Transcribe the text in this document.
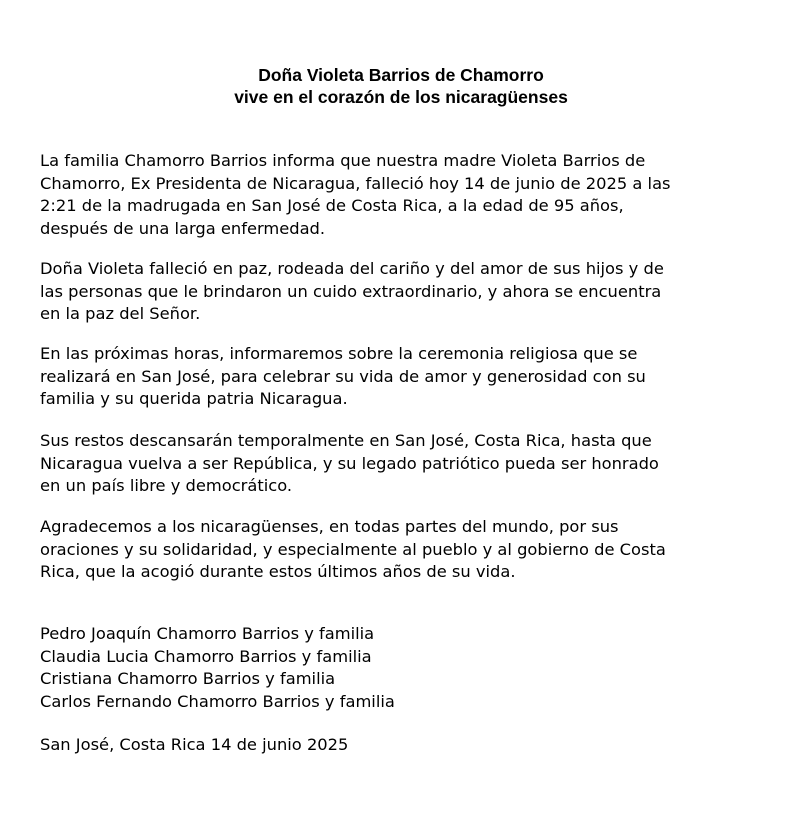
Doña Violeta Barrios de Chamorro
vive en el corazón de los nicaragüenses

La familia Chamorro Barrios informa que nuestra madre Violeta Barrios de
Chamorro, Ex Presidenta de Nicaragua, falleció hoy 14 de junio de 2025 a las
2:21 de la madrugada en San José de Costa Rica, a la edad de 95 años,
después de una larga enfermedad.

Doña Violeta falleció en paz, rodeada del cariño y del amor de sus hijos y de
las personas que le brindaron un cuido extraordinario, y ahora se encuentra
en la paz del Señor.

En las próximas horas, informaremos sobre la ceremonia religiosa que se
realizará en San José, para celebrar su vida de amor y generosidad con su
familia y su querida patria Nicaragua.

Sus restos descansarán temporalmente en San José, Costa Rica, hasta que
Nicaragua vuelva a ser República, y su legado patriótico pueda ser honrado
en un país libre y democrático.

Agradecemos a los nicaragüenses, en todas partes del mundo, por sus
oraciones y su solidaridad, y especialmente al pueblo y al gobierno de Costa
Rica, que la acogió durante estos últimos años de su vida.

Pedro Joaquín Chamorro Barrios y familia
Claudia Lucia Chamorro Barrios y familia
Cristiana Chamorro Barrios y familia
Carlos Fernando Chamorro Barrios y familia

San José, Costa Rica 14 de junio 2025
